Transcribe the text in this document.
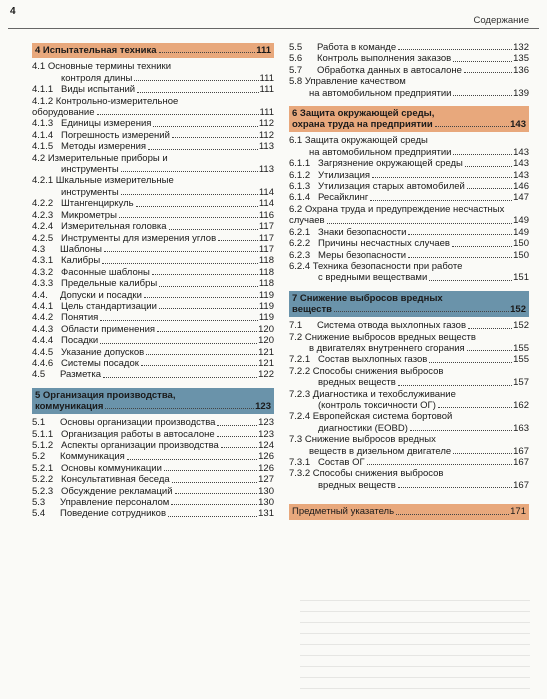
4
Содержание
4 Испытательная техника	111
4.1 Основные термины техники
контроля длины	111
4.1.1 Виды испытаний	111
4.1.2 Контрольно-измерительное
оборудование	111
4.1.3 Единицы измерения	112
4.1.4 Погрешность измерений	112
4.1.5 Методы измерения	113
4.2 Измерительные приборы и
инструменты	113
4.2.1 Шкальные измерительные
инструменты	114
4.2.2 Штангенциркуль	114
4.2.3 Микрометры	116
4.2.4 Измерительная головка	117
4.2.5 Инструменты для измерения углов	117
4.3	Шаблоны	117
4.3.1 Калибры	118
4.3.2 Фасонные шаблоны	118
4.3.3 Предельные калибры	118
4.4.	Допуски и посадки	119
4.4.1 Цель стандартизации	119
4.4.2 Понятия	119
4.4.3 Области применения	120
4.4.4 Посадки	120
4.4.5 Указание допусков	121
4.4.6 Системы посадок	121
4.5	Разметка	122
5 Организация производства,
коммуникация	123
5.1	Основы организации производства	123
5.1.1 Организация работы в автосалоне	123
5.1.2 Аспекты организации производства	124
5.2	Коммуникация	126
5.2.1 Основы коммуникации	126
5.2.2 Консультативная беседа	127
5.2.3 Обсуждение рекламаций	130
5.3	Управление персоналом	130
5.4	Поведение сотрудников	131
5.5	Работа в команде	132
5.6	Контроль выполнения заказов	135
5.7	Обработка данных в автосалоне	136
5.8 Управление качеством
на автомобильном предприятии	139
6 Защита окружающей среды,
охрана труда на предприятии	143
6.1 Защита окружающей среды
на автомобильном предприятии	143
6.1.1 Загрязнение окружающей среды	143
6.1.2 Утилизация	143
6.1.3 Утилизация старых автомобилей	146
6.1.4 Ресайклинг	147
6.2 Охрана труда и предупреждение несчастных
случаев	149
6.2.1 Знаки безопасности	149
6.2.2 Причины несчастных случаев	150
6.2.3 Меры безопасности	150
6.2.4 Техника безопасности при работе
с вредными веществами	151
7 Снижение выбросов вредных
веществ	152
7.1	Система отвода выхлопных газов	152
7.2 Снижение выбросов вредных веществ
в двигателях внутреннего сгорания	155
7.2.1 Состав выхлопных газов	155
7.2.2 Способы снижения выбросов
вредных веществ	157
7.2.3 Диагностика и техобслуживание
(контроль токсичности ОГ)	162
7.2.4 Европейская система бортовой
диагностики (EOBD)	163
7.3 Снижение выбросов вредных
веществ в дизельном двигателе	167
7.3.1 Состав ОГ	167
7.3.2 Способы снижения выбросов
вредных веществ	167
Предметный указатель	171
